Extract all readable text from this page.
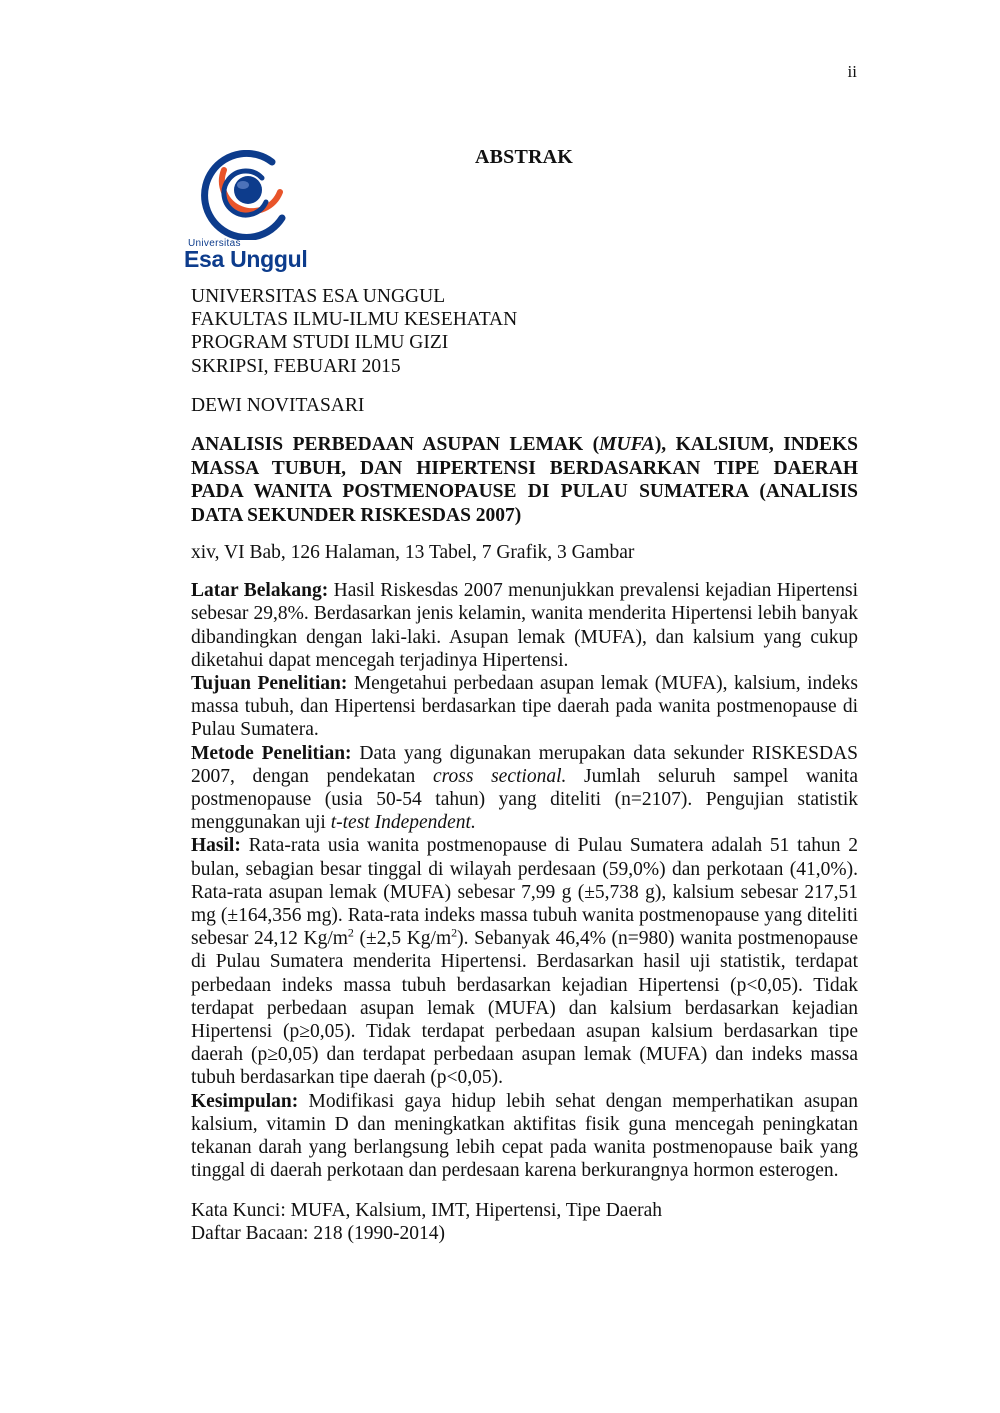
ii
ABSTRAK
Universitas
Esa Unggul

UNIVERSITAS ESA UNGGUL

FAKULTAS ILMU-ILMU KESEHATAN

PROGRAM STUDI ILMU GIZI

SKRIPSI, FEBUARI 2015

DEWI NOVITASARI
ANALISIS PERBEDAAN ASUPAN LEMAK (MUFA), KALSIUM, INDEKS MASSA TUBUH, DAN HIPERTENSI BERDASARKAN TIPE DAERAH PADA WANITA POSTMENOPAUSE DI PULAU SUMATERA (ANALISIS DATA SEKUNDER RISKESDAS 2007)
xiv, VI Bab, 126 Halaman, 13 Tabel, 7 Grafik, 3 Gambar

Latar Belakang: Hasil Riskesdas 2007 menunjukkan prevalensi kejadian Hipertensi sebesar 29,8%. Berdasarkan jenis kelamin, wanita menderita Hipertensi lebih banyak dibandingkan dengan laki-laki. Asupan lemak (MUFA), dan kalsium yang cukup diketahui dapat mencegah terjadinya Hipertensi.

Tujuan Penelitian: Mengetahui perbedaan asupan lemak (MUFA), kalsium, indeks massa tubuh, dan Hipertensi berdasarkan tipe daerah pada wanita postmenopause di Pulau Sumatera.

Metode Penelitian: Data yang digunakan merupakan data sekunder RISKESDAS 2007, dengan pendekatan cross sectional. Jumlah seluruh sampel wanita postmenopause (usia 50-54 tahun) yang diteliti (n=2107). Pengujian statistik menggunakan uji t-test Independent.

Hasil: Rata-rata usia wanita postmenopause di Pulau Sumatera adalah 51 tahun 2 bulan, sebagian besar tinggal di wilayah perdesaan (59,0%) dan perkotaan (41,0%). Rata-rata asupan lemak (MUFA) sebesar 7,99 g (±5,738 g), kalsium sebesar 217,51 mg (±164,356 mg). Rata-rata indeks massa tubuh wanita postmenopause yang diteliti sebesar 24,12 $Kg/m^2$ (±2,5 $Kg/m^2$). Sebanyak 46,4% (n=980) wanita postmenopause di Pulau Sumatera menderita Hipertensi. Berdasarkan hasil uji statistik, terdapat perbedaan indeks massa tubuh berdasarkan kejadian Hipertensi (p<0,05). Tidak terdapat perbedaan asupan lemak (MUFA) dan kalsium berdasarkan kejadian Hipertensi (p≥0,05). Tidak terdapat perbedaan asupan kalsium berdasarkan tipe daerah (p≥0,05) dan terdapat perbedaan asupan lemak (MUFA) dan indeks massa tubuh berdasarkan tipe daerah (p<0,05).

Kesimpulan: Modifikasi gaya hidup lebih sehat dengan memperhatikan asupan kalsium, vitamin D dan meningkatkan aktifitas fisik guna mencegah peningkatan tekanan darah yang berlangsung lebih cepat pada wanita postmenopause baik yang tinggal di daerah perkotaan dan perdesaan karena berkurangnya hormon esterogen.

Kata Kunci: MUFA, Kalsium, IMT, Hipertensi, Tipe Daerah

Daftar Bacaan: 218 (1990-2014)
